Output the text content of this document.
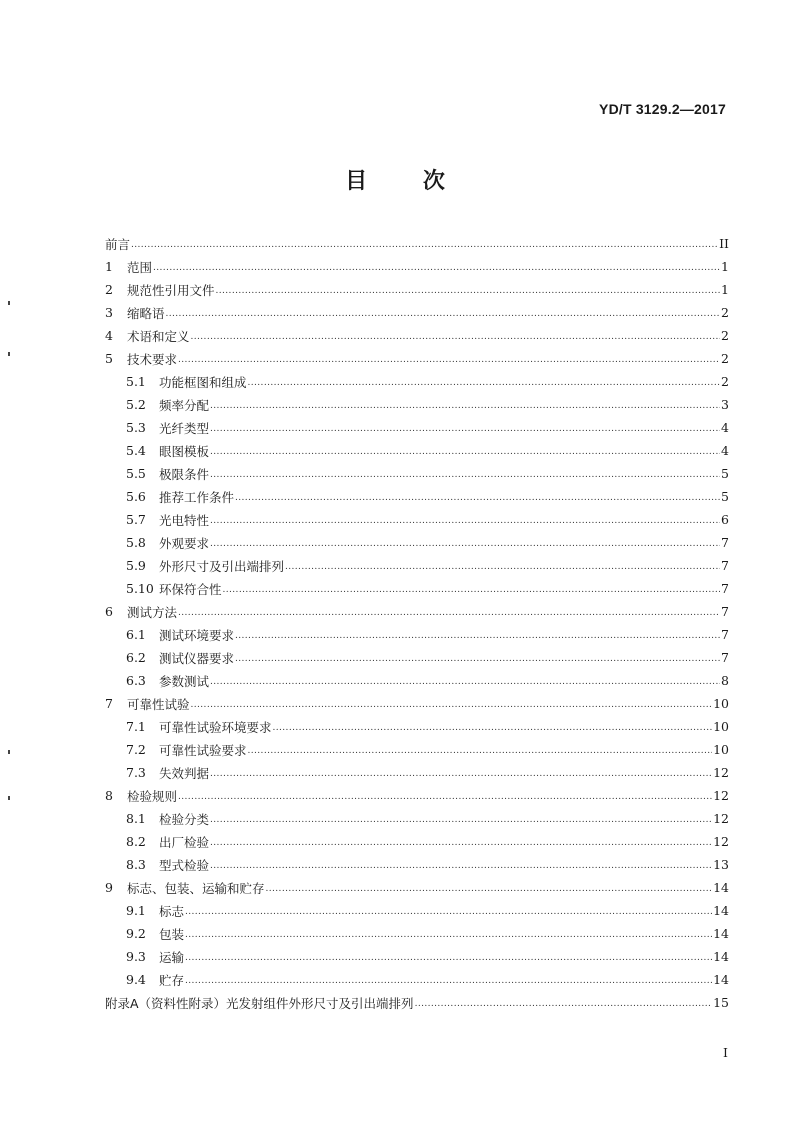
YD/T 3129.2—2017
目 次
前言 .....	II
1	范围 .....	1
2	规范性引用文件 .....	1
3	缩略语 .....	2
4	术语和定义 .....	2
5	技术要求 .....	2
5.1	功能框图和组成 .....	2
5.2	频率分配 .....	3
5.3	光纤类型 .....	4
5.4	眼图模板 .....	4
5.5	极限条件 .....	5
5.6	推荐工作条件 .....	5
5.7	光电特性 .....	6
5.8	外观要求 .....	7
5.9	外形尺寸及引出端排列 .....	7
5.10 环保符合性 .....	7
6	测试方法 .....	7
6.1	测试环境要求 .....	7
6.2	测试仪器要求 .....	7
6.3	参数测试 .....	8
7	可靠性试验 .....	10
7.1	可靠性试验环境要求 .....	10
7.2	可靠性试验要求 .....	10
7.3	失效判据 .....	12
8	检验规则 .....	12
8.1	检验分类 .....	12
8.2	出厂检验 .....	12
8.3	型式检验 .....	13
9	标志、包装、运输和贮存 .....	14
9.1	标志 .....	14
9.2	包装 .....	14
9.3	运输 .....	14
9.4	贮存 .....	14
附录A（资料性附录）光发射组件外形尺寸及引出端排列 .....	15
I
